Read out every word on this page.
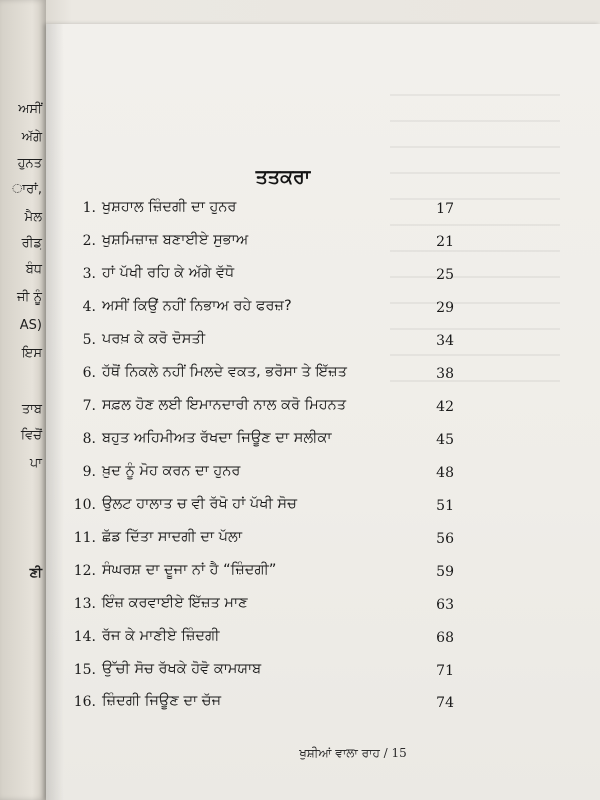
ਅਸੀਂ
ਅੱਗੇ
ਹੁਨਤ
ਾਰਾਂ,
ਮੈਲ
ਰੀਡ਼
ਬੰਧ
ਜੀ ਨੂੰ
AS)
ਇਸ
ਤਾਬ
ਵਿਚੋਂ
ਪਾ
ਣੀ
ਤਤਕਰਾ
1. ਖੁਸ਼ਹਾਲ ਜ਼ਿੰਦਗੀ ਦਾ ਹੁਨਰ	17
2. ਖੁਸ਼ਮਿਜ਼ਾਜ਼ ਬਣਾਈਏ ਸੁਭਾਅ	21
3. ਹਾਂ ਪੱਖੀ ਰਹਿ ਕੇ ਅੱਗੇ ਵੱਧੋ	25
4. ਅਸੀਂ ਕਿਉਂ ਨਹੀਂ ਨਿਭਾਅ ਰਹੇ ਫਰਜ਼?	29
5. ਪਰਖ਼ ਕੇ ਕਰੋ ਦੋਸਤੀ	34
6. ਹੱਥੋਂ ਨਿਕਲੇ ਨਹੀਂ ਮਿਲਦੇ ਵਕਤ, ਭਰੋਸਾ ਤੇ ਇੱਜ਼ਤ	38
7. ਸਫ਼ਲ ਹੋਣ ਲਈ ਇਮਾਨਦਾਰੀ ਨਾਲ ਕਰੋ ਮਿਹਨਤ	42
8. ਬਹੁਤ ਅਹਿਮੀਅਤ ਰੱਖਦਾ ਜਿਊਣ ਦਾ ਸਲੀਕਾ	45
9. ਖ਼ੁਦ ਨੂੰ ਮੋਹ ਕਰਨ ਦਾ ਹੁਨਰ	48
10. ਉਲਟ ਹਾਲਾਤ ਚ ਵੀ ਰੱਖੋ ਹਾਂ ਪੱਖੀ ਸੋਚ	51
11. ਛੱਡ ਦਿੱਤਾ ਸਾਦਗੀ ਦਾ ਪੱਲਾ	56
12. ਸੰਘਰਸ਼ ਦਾ ਦੂਜਾ ਨਾਂ ਹੈ “ਜ਼ਿੰਦਗੀ”	59
13. ਇੰਜ਼ ਕਰਵਾਈਏ ਇੱਜ਼ਤ ਮਾਣ	63
14. ਰੱਜ ਕੇ ਮਾਣੀਏ ਜ਼ਿੰਦਗੀ	68
15. ਉੱਚੀ ਸੋਚ ਰੱਖਕੇ ਹੋਵੋ ਕਾਮਯਾਬ	71
16. ਜ਼ਿੰਦਗੀ ਜਿਊਣ ਦਾ ਚੱਜ	74
ਖੁਸ਼ੀਆਂ ਵਾਲਾ ਰਾਹ / 15
